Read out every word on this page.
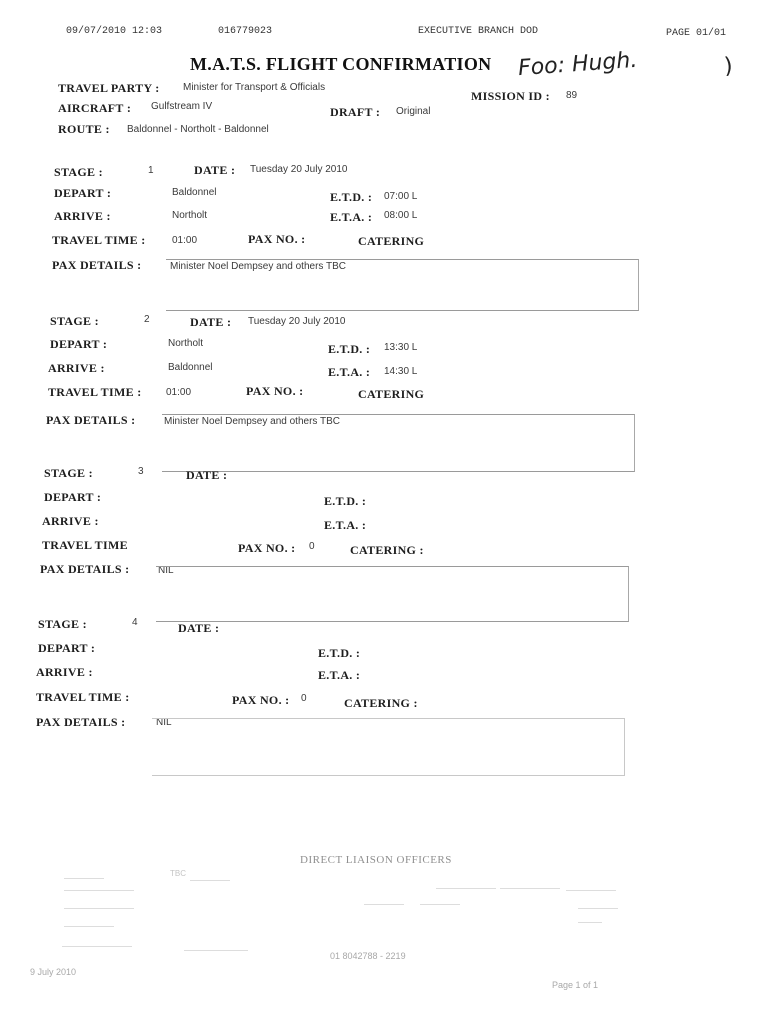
09/07/2010 12:03	016779023	EXECUTIVE BRANCH DOD	PAGE 01/01
M.A.T.S. FLIGHT CONFIRMATION Foo: Hugh.	)
TRAVEL PARTY : Minister for Transport & Officials
MISSION ID : 89
AIRCRAFT : Gulfstream IV	DRAFT : Original
ROUTE : Baldonnel - Northolt - Baldonnel
STAGE :	1	DATE : Tuesday 20 July 2010
DEPART :	Baldonnel	E.T.D. : 07:00 L
ARRIVE :	Northolt	E.T.A. : 08:00 L
TRAVEL TIME :	01:00	PAX NO. :	CATERING
PAX DETAILS :	Minister Noel Dempsey and others TBC
STAGE :	2	DATE : Tuesday 20 July 2010
DEPART :	Northolt	E.T.D. : 13:30 L
ARRIVE :	Baldonnel	E.T.A. : 14:30 L
TRAVEL TIME : 01:00	PAX NO. :	CATERING
PAX DETAILS :	Minister Noel Dempsey and others TBC
STAGE :	3	DATE :
DEPART :	E.T.D. :
ARRIVE :	E.T.A. :
TRAVEL TIME	PAX NO. : 0	CATERING :
PAX DETAILS :	NIL
STAGE :	4	DATE :
DEPART :	E.T.D. :
ARRIVE :	E.T.A. :
TRAVEL TIME :	PAX NO. : 0	CATERING :
PAX DETAILS :	NIL
DIRECT LIAISON OFFICERS
TBC
01 8042788 - 2219
9 July 2010
Page 1 of 1
